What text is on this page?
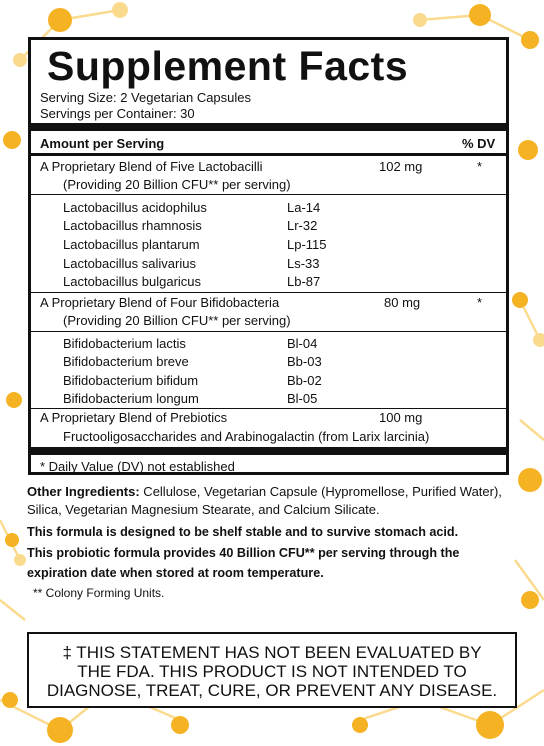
Supplement Facts
Serving Size: 2 Vegetarian Capsules
Servings per Container: 30
Amount per Serving	% DV
A Proprietary Blend of Five Lactobacilli	102 mg	*
(Providing 20 Billion CFU** per serving)
Lactobacillus acidophilus	La-14
Lactobacillus rhamnosis	Lr-32
Lactobacillus plantarum	Lp-115
Lactobacillus salivarius	Ls-33
Lactobacillus bulgaricus	Lb-87
A Proprietary Blend of Four Bifidobacteria	80 mg	*
(Providing 20 Billion CFU** per serving)
Bifidobacterium lactis	Bl-04
Bifidobacterium breve	Bb-03
Bifidobacterium bifidum	Bb-02
Bifidobacterium longum	Bl-05
A Proprietary Blend of Prebiotics	100 mg
Fructooligosaccharides and Arabinogalactin (from Larix larcinia)
* Daily Value (DV) not established
Other Ingredients: Cellulose, Vegetarian Capsule (Hypromellose, Purified Water), Silica, Vegetarian Magnesium Stearate, and Calcium Silicate.
This formula is designed to be shelf stable and to survive stomach acid.
This probiotic formula provides 40 Billion CFU** per serving through the expiration date when stored at room temperature.
** Colony Forming Units.
‡ THIS STATEMENT HAS NOT BEEN EVALUATED BY
THE FDA. THIS PRODUCT IS NOT INTENDED TO
DIAGNOSE, TREAT, CURE, OR PREVENT ANY DISEASE.
